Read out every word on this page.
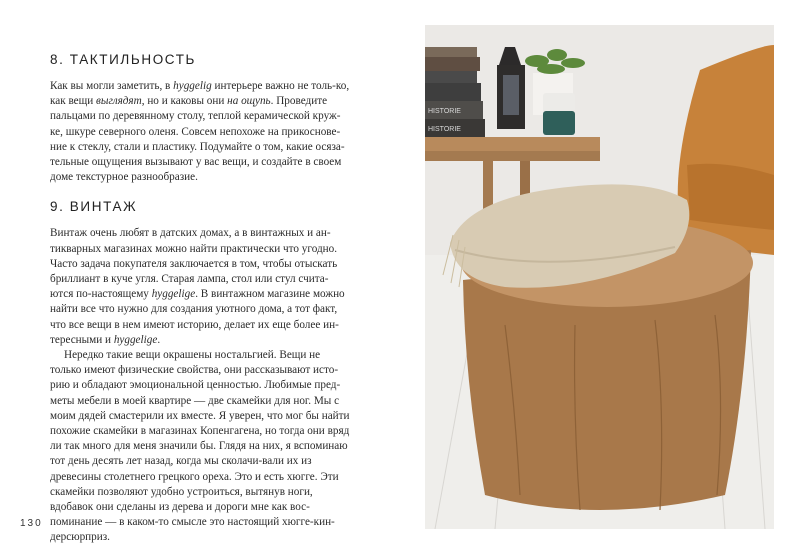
8. ТАКТИЛЬНОСТЬ

Как вы могли заметить, в hyggelig интерьере важно не толь-ко, как вещи выглядят, но и каковы они на ощупь. Проведите пальцами по деревянному столу, теплой керамической круж-ке, шкуре северного оленя. Совсем непохоже на прикоснове-ние к стеклу, стали и пластику. Подумайте о том, какие осяза-тельные ощущения вызывают у вас вещи, и создайте в своем доме текстурное разнообразие.

9. ВИНТАЖ

Винтаж очень любят в датских домах, а в винтажных и ан-тикварных магазинах можно найти практически что угодно. Часто задача покупателя заключается в том, чтобы отыскать бриллиант в куче угля. Старая лампа, стол или стул счита-ются по-настоящему hyggelige. В винтажном магазине можно найти все что нужно для создания уютного дома, а тот факт, что все вещи в нем имеют историю, делает их еще более ин-тересными и hyggelige.

Нередко такие вещи окрашены ностальгией. Вещи не только имеют физические свойства, они рассказывают исто-рию и обладают эмоциональной ценностью. Любимые пред-меты мебели в моей квартире — две скамейки для ног. Мы с моим дядей смастерили их вместе. Я уверен, что мог бы найти похожие скамейки в магазинах Копенгагена, но тогда они вряд ли так много для меня значили бы. Глядя на них, я вспоминаю тот день десять лет назад, когда мы сколачи-вали их из древесины столетнего грецкого ореха. Это и есть хюгге. Эти скамейки позволяют удобно устроиться, вытянув ноги, вдобавок они сделаны из дерева и дороги мне как вос-поминание — в каком-то смысле это настоящий хюгге-кин-дерсюрприз.

130
HISTORIE
HISTORIE
